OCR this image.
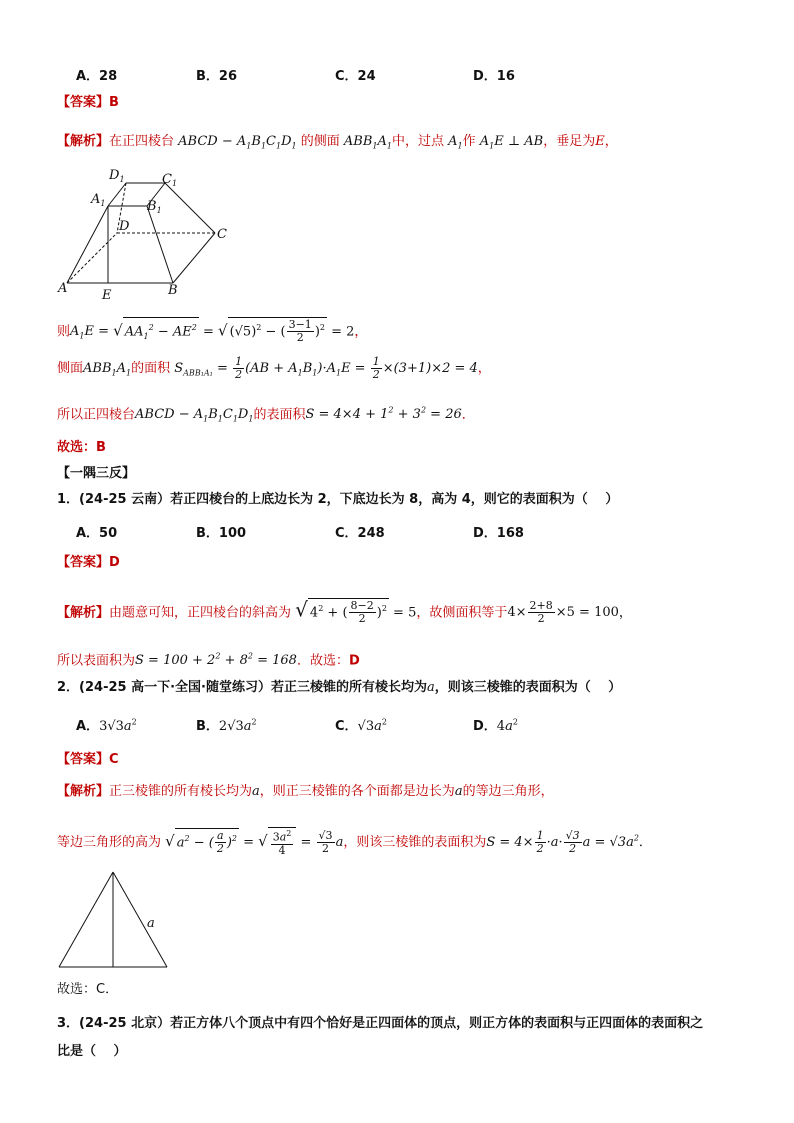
A．28	B．26	C．24	D．16
【答案】B
【解析】在正四棱台 ABCD − $A_1B_1C_1D_1$ 的侧面 $ABB_1A_1$中，过点 $A_1$作 $A_1E$ ⊥ AB，垂足为E，
$D_1$	$C_1$
$A_1$	$B_1$
D
C
A	E	B
则$A_1E$ = √ $AA_1^2 - AE^2$ = √ $(√5)^2$ − ( $\frac{3-1}{2} )^2 = 2$，
侧面$ABB_1A_1$的面积 $S_{ABB_1A_1} = \frac{1}{2} (AB + A_1B_1)\cdot A_1E = \frac{1}{2} \times(3+1)\times 2 = 4$，
所以正四棱台ABCD − $A_1B_1C_1D_1$的表面积$S = 4\times 4 + 1^2 + 3^2 = 26$．
故选：B
【一隅三反】
1．(24-25 云南）若正四棱台的上底边长为 2，下底边长为 8，高为 4，则它的表面积为（　 ）
A．50	B．100	C．248	D．168
【答案】D
【解析】由题意可知，正四棱台的斜高为 √ $4^2$ + ( $\frac{8-2}{2} )^2 = 5$，故侧面积等于$4\times \frac{2+8}{2} \times 5 = 100$，
所以表面积为$S = 100 + 2^2 + 8^2 = 168$．故选：D
2．(24-25 高一下·全国·随堂练习）若正三棱锥的所有棱长均为a，则该三棱锥的表面积为（　 ）
A．$3√3a^2$	B．$2√3a^2$	C．$√3a^2$	D．$4a^2$
【答案】C
【解析】正三棱锥的所有棱长均为a，则正三棱锥的各个面都是边长为a的等边三角形，
等边三角形的高为 √ $a^2$ − ( $\frac{a}{2} )^2$ = √ $\frac{3a^2}{4} = \frac{√3}{2}$ a，则该三棱锥的表面积为$S = 4\times \frac{1}{2} \cdot a\cdot \frac{√3}{2}$ $a = √3a^2$．
a
故选：C．
3．(24-25 北京）若正方体八个顶点中有四个恰好是正四面体的顶点，则正方体的表面积与正四面体的表面积之
比是（　 ）
